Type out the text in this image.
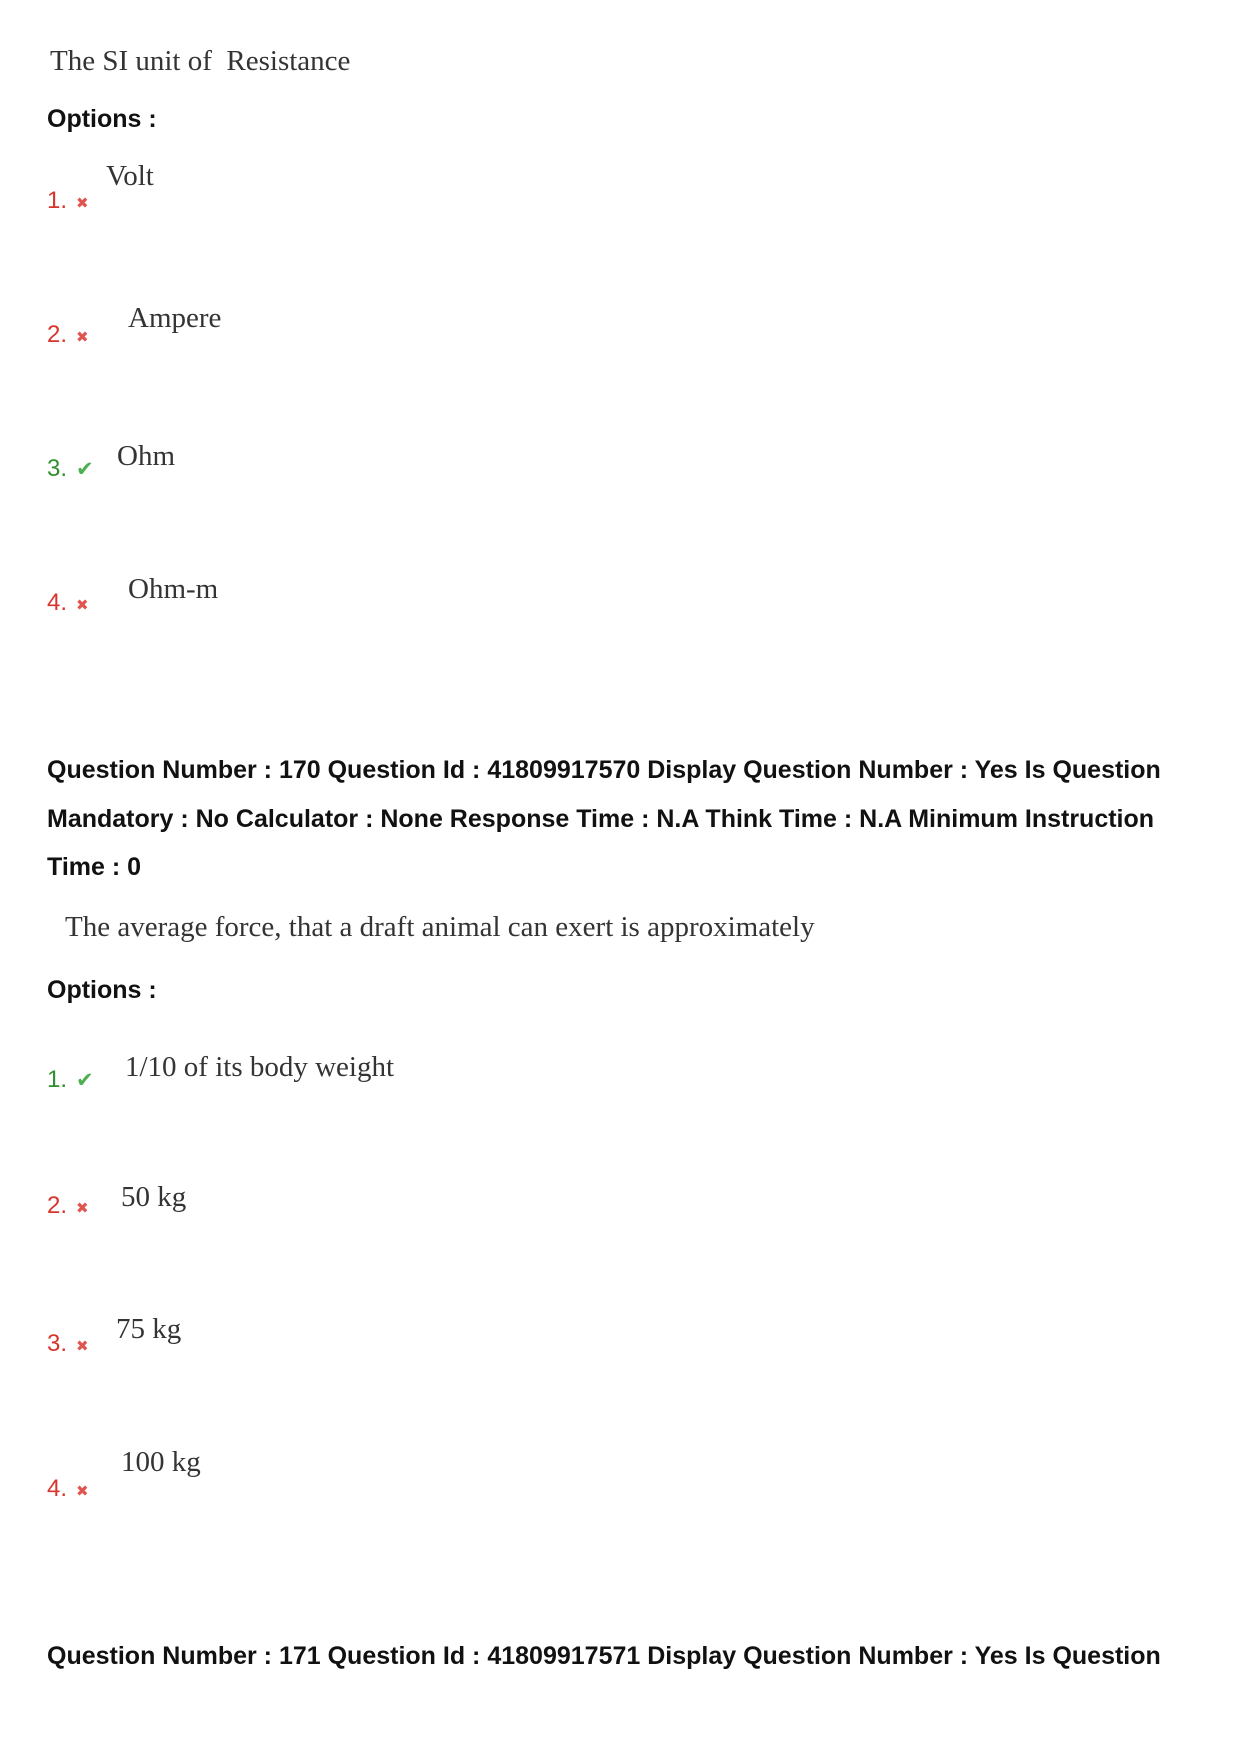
The SI unit of  Resistance
Options :
1. ✖
Volt
2. ✖
Ampere
3. ✔ Ohm
4. ✖ Ohm-m
Question Number : 170 Question Id : 41809917570 Display Question Number : Yes Is Question
Mandatory : No Calculator : None Response Time : N.A Think Time : N.A Minimum Instruction
Time : 0
The average force, that a draft animal can exert is approximately
Options :
1. ✔ 1/10 of its body weight
2. ✖ 50 kg
3. ✖
75 kg
4. ✖
100 kg
Question Number : 171 Question Id : 41809917571 Display Question Number : Yes Is Question
